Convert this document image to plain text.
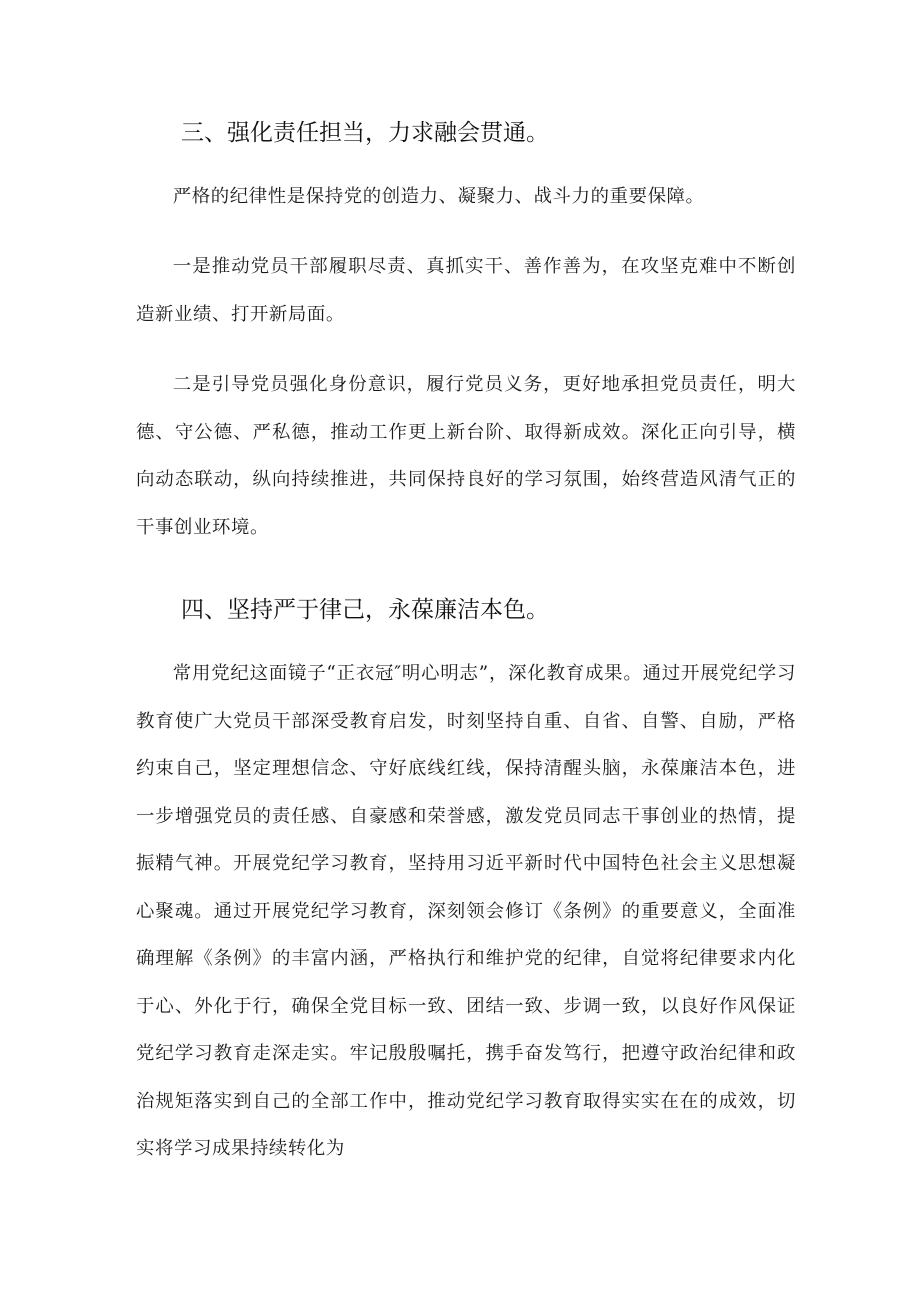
三、强化责任担当，力求融会贯通。

严格的纪律性是保持党的创造力、凝聚力、战斗力的重要保障。

一是推动党员干部履职尽责、真抓实干、善作善为，在攻坚克难中不断创造新业绩、打开新局面。

二是引导党员强化身份意识，履行党员义务，更好地承担党员责任，明大德、守公德、严私德，推动工作更上新台阶、取得新成效。深化正向引导，横向动态联动，纵向持续推进，共同保持良好的学习氛围，始终营造风清气正的干事创业环境。

四、坚持严于律己，永葆廉洁本色。

常用党纪这面镜子“正衣冠″明心明志”，深化教育成果。通过开展党纪学习教育使广大党员干部深受教育启发，时刻坚持自重、自省、自警、自励，严格约束自己，坚定理想信念、守好底线红线，保持清醒头脑，永葆廉洁本色，进一步增强党员的责任感、自豪感和荣誉感，激发党员同志干事创业的热情，提振精气神。开展党纪学习教育，坚持用习近平新时代中国特色社会主义思想凝心聚魂。通过开展党纪学习教育，深刻领会修订《条例》的重要意义，全面准确理解《条例》的丰富内涵，严格执行和维护党的纪律，自觉将纪律要求内化于心、外化于行，确保全党目标一致、团结一致、步调一致，以良好作风保证党纪学习教育走深走实。牢记殷殷嘱托，携手奋发笃行，把遵守政治纪律和政治规矩落实到自己的全部工作中，推动党纪学习教育取得实实在在的成效，切实将学习成果持续转化为
